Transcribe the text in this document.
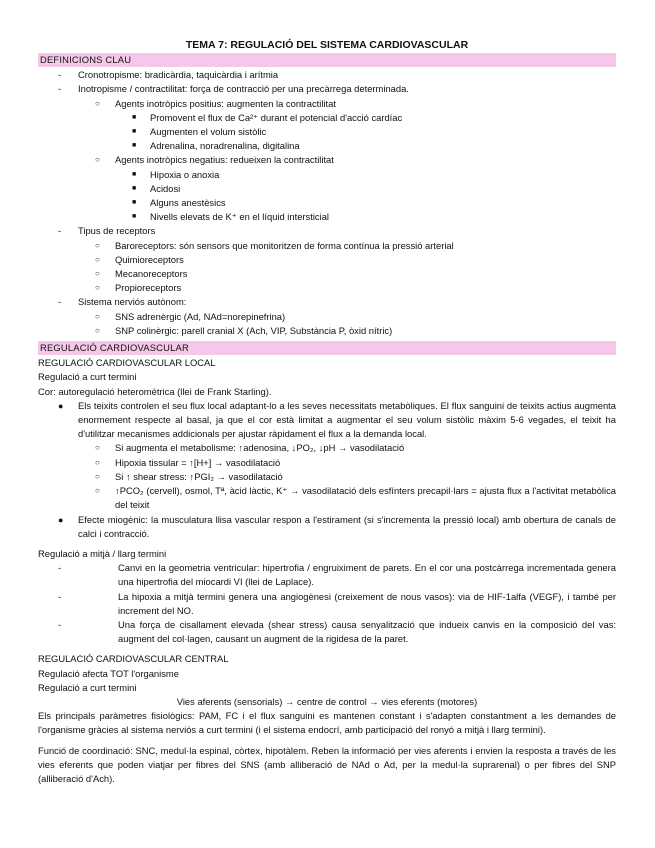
TEMA 7: REGULACIÓ DEL SISTEMA CARDIOVASCULAR
DEFINICIONS CLAU
-	Cronotropisme: bradicàrdia, taquicàrdia i arítmia
-	Inotropisme / contractilitat: força de contracció per una precàrrega determinada.
○ Agents inotròpics positius: augmenten la contractilitat
■ Promovent el flux de Ca²⁺ durant el potencial d'acció cardíac
■ Augmenten el volum sistòlic
■ Adrenalina, noradrenalina, digitalina
○ Agents inotròpics negatius: redueixen la contractilitat
■ Hipoxia o anoxia
■ Acidosi
■ Alguns anestèsics
■ Nivells elevats de K⁺ en el líquid intersticial
-	Tipus de receptors
○ Baroreceptors: són sensors que monitoritzen de forma contínua la pressió arterial
○ Quimioreceptors
○ Mecanoreceptors
○ Propioreceptors
-	Sistema nerviós autònom:
○ SNS adrenèrgic (Ad, NAd=norepinefrina)
○ SNP colinèrgic: parell cranial X (Ach, VIP, Substància P, òxid nítric)
REGULACIÓ CARDIOVASCULAR
REGULACIÓ CARDIOVASCULAR LOCAL
Regulació a curt termini
Cor: autoregulació heteromètrica (llei de Frank Starling).
● Els teixits controlen el seu flux local adaptant-lo a les seves necessitats metabòliques. El flux sanguini de teixits actius augmenta enormement respecte al basal, ja que el cor està limitat a augmentar el seu volum sistòlic màxim 5-6 vegades, el teixit ha d'utilitzar mecanismes addicionals per ajustar ràpidament el flux a la demanda local.
○ Si augmenta el metabolisme: ↑adenosina, ↓PO₂, ↓pH → vasodilatació
○ Hipoxia tissular = ↑[H+] → vasodilatació
○ Si ↑ shear stress: ↑PGI₂ → vasodilatació
○ ↑PCO₂ (cervell), osmol, Tª, àcid làctic, K⁺ → vasodilatació dels esfínters precapil·lars = ajusta flux a l'activitat metabòlica del teixit
● Efecte miogènic: la musculatura llisa vascular respon a l'estirament (si s'incrementa la pressió local) amb obertura de canals de calci i contracció.
Regulació a mitjà / llarg termini
-	Canvi en la geometria ventricular: hipertrofia / engruiximent de parets. En el cor una postcàrrega incrementada genera una hipertrofia del miocardi VI (llei de Laplace).
-	La hipoxia a mitjà termini genera una angiogènesi (creixement de nous vasos): via de HIF-1alfa (VEGF), i també per increment del NO.
-	Una força de cisallament elevada (shear stress) causa senyalització que indueix canvis en la composició del vas: augment del col·lagen, causant un augment de la rigidesa de la paret.
REGULACIÓ CARDIOVASCULAR CENTRAL
Regulació afecta TOT l'organisme
Regulació a curt termini
Vies aferents (sensorials) → centre de control → vies eferents (motores)
Els principals paràmetres fisiològics: PAM, FC i el flux sanguini es mantenen constant i s'adapten constantment a les demandes de l'organisme gràcies al sistema nerviós a curt termini (i el sistema endocrí, amb participació del ronyó a mitjà i llarg termini).
Funció de coordinació: SNC, medul·la espinal, còrtex, hipotàlem. Reben la informació per vies aferents i envien la resposta a través de les vies eferents que poden viatjar per fibres del SNS (amb alliberació de NAd o Ad, per la medul·la suprarenal) o per fibres del SNP (alliberació d'Ach).
